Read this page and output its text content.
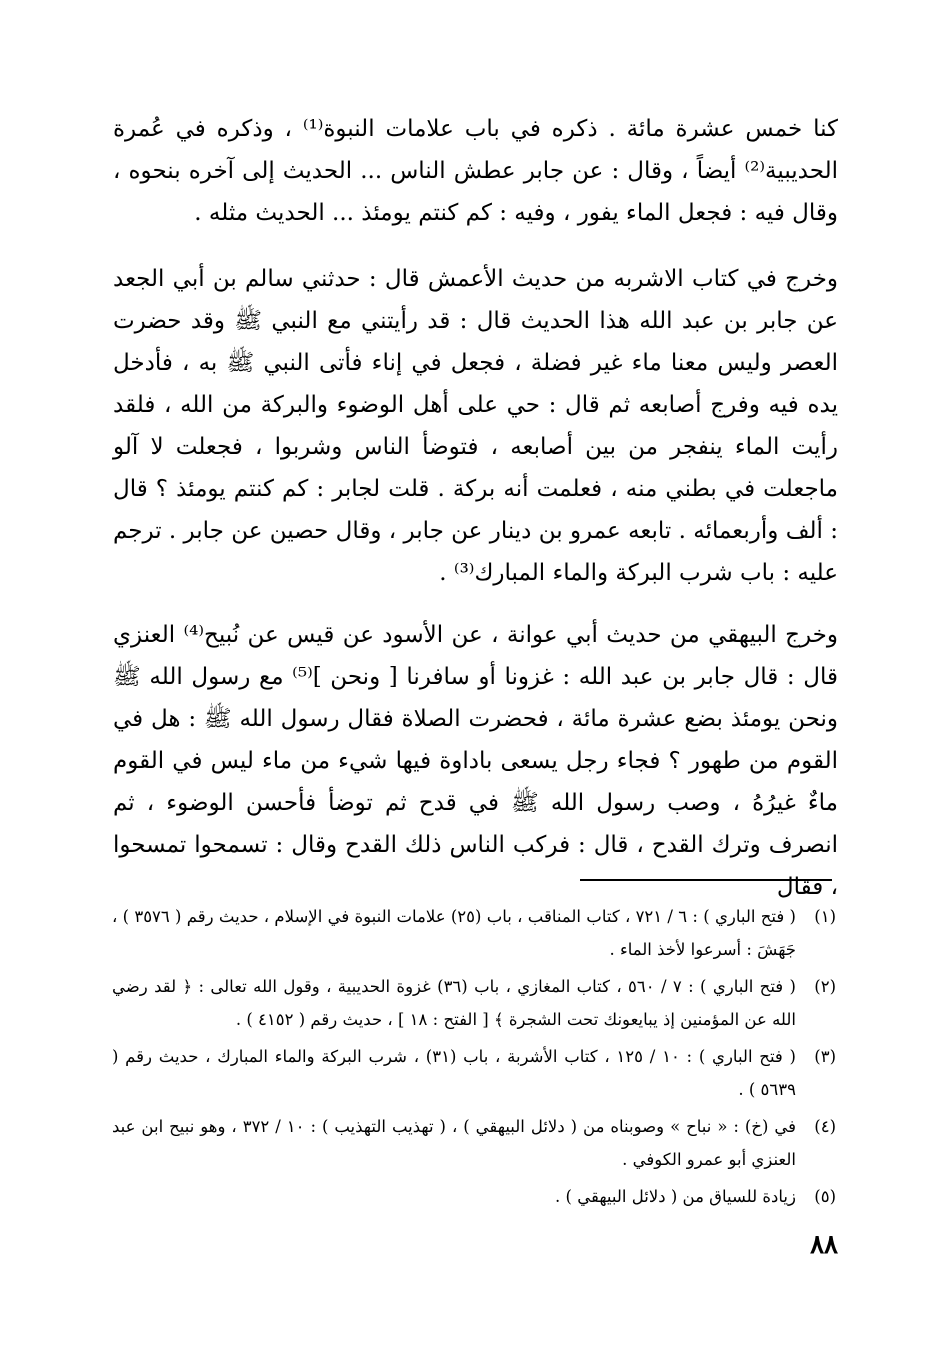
كنا خمس عشرة مائة . ذكره في باب علامات النبوة⁽¹⁾ ، وذكره في عُمرة الحديبية⁽²⁾ أيضاً ، وقال : عن جابر عطش الناس ... الحديث إلى آخره بنحوه ، وقال فيه : فجعل الماء يفور ، وفيه : كم كنتم يومئذ ... الحديث مثله .

وخرج في كتاب الاشربه من حديث الأعمش قال : حدثني سالم بن أبي الجعد عن جابر بن عبد الله هذا الحديث قال : قد رأيتني مع النبي ﷺ وقد حضرت العصر وليس معنا ماء غير فضلة ، فجعل في إناء فأتى النبي ﷺ به ، فأدخل يده فيه وفرج أصابعه ثم قال : حي على أهل الوضوء والبركة من الله ، فلقد رأيت الماء ينفجر من بين أصابعه ، فتوضأ الناس وشربوا ، فجعلت لا آلو ماجعلت في بطني منه ، فعلمت أنه بركة . قلت لجابر : كم كنتم يومئذ ؟ قال : ألف وأربعمائه . تابعه عمرو بن دينار عن جابر ، وقال حصين عن جابر . ترجم عليه : باب شرب البركة والماء المبارك⁽³⁾ .

وخرج البيهقي من حديث أبي عوانة ، عن الأسود عن قيس عن نُبيح⁽⁴⁾ العنزي قال : قال جابر بن عبد الله : غزونا أو سافرنا [ ونحن ]⁽⁵⁾ مع رسول الله ﷺ ونحن يومئذ بضع عشرة مائة ، فحضرت الصلاة فقال رسول الله ﷺ : هل في القوم من طهور ؟ فجاء رجل يسعى باداوة فيها شيء من ماء ليس في القوم ماءٌ غيرُهُ ، وصب رسول الله ﷺ في قدح ثم توضأ فأحسن الوضوء ، ثم انصرف وترك القدح ، قال : فركب الناس ذلك القدح وقال : تسمحوا تمسحوا ، فقال

(١)
( فتح الباري ) : ٦ / ٧٢١ ، كتاب المناقب ، باب (٢٥) علامات النبوة في الإسلام ، حديث رقم ( ٣٥٧٦ ) ، جَهَشَ : أسرعوا لأخذ الماء .
(٢)
( فتح الباري ) : ٧ / ٥٦٠ ، كتاب المغازي ، باب (٣٦) غزوة الحديبية ، وقول الله تعالى : ﴿ لقد رضي الله عن المؤمنين إذ يبايعونك تحت الشجرة ﴾ [ الفتح : ١٨ ] ، حديث رقم ( ٤١٥٢ ) .
(٣)
( فتح الباري ) : ١٠ / ١٢٥ ، كتاب الأشربة ، باب (٣١) ، شرب البركة والماء المبارك ، حديث رقم ( ٥٦٣٩ ) .
(٤)
في (خ) : « نباح » وصوبناه من ( دلائل البيهقي ) ، ( تهذيب التهذيب ) : ١٠ / ٣٧٢ ، وهو نبيح ابن عبد العنزي أبو عمرو الكوفي .
(٥)
زيادة للسياق من ( دلائل البيهقي ) .
٨٨
